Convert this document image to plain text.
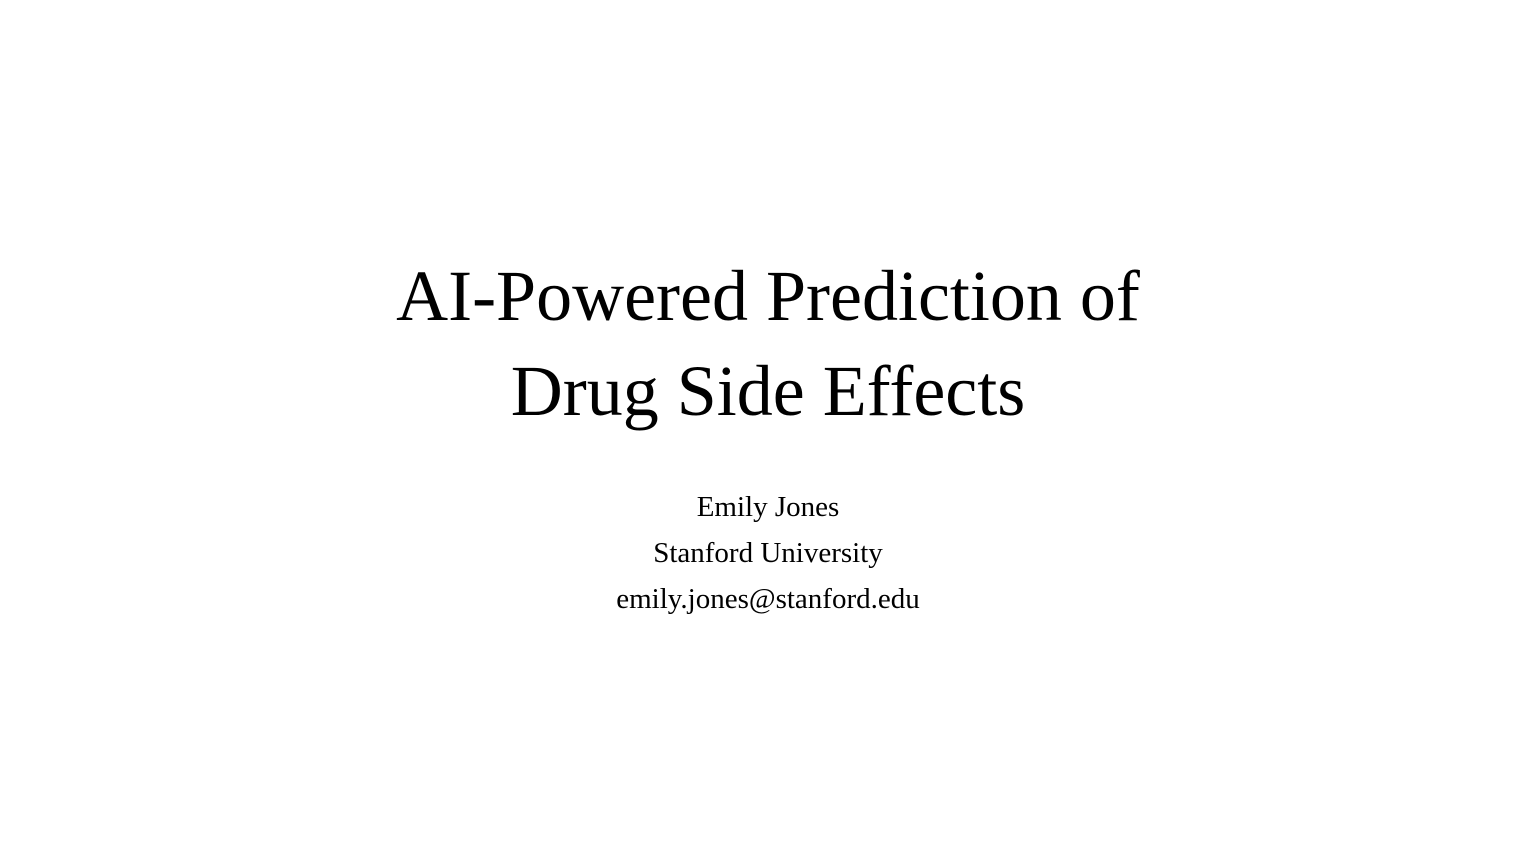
AI-Powered Prediction of
Drug Side Effects
Emily Jones
Stanford University
emily.jones@stanford.edu
